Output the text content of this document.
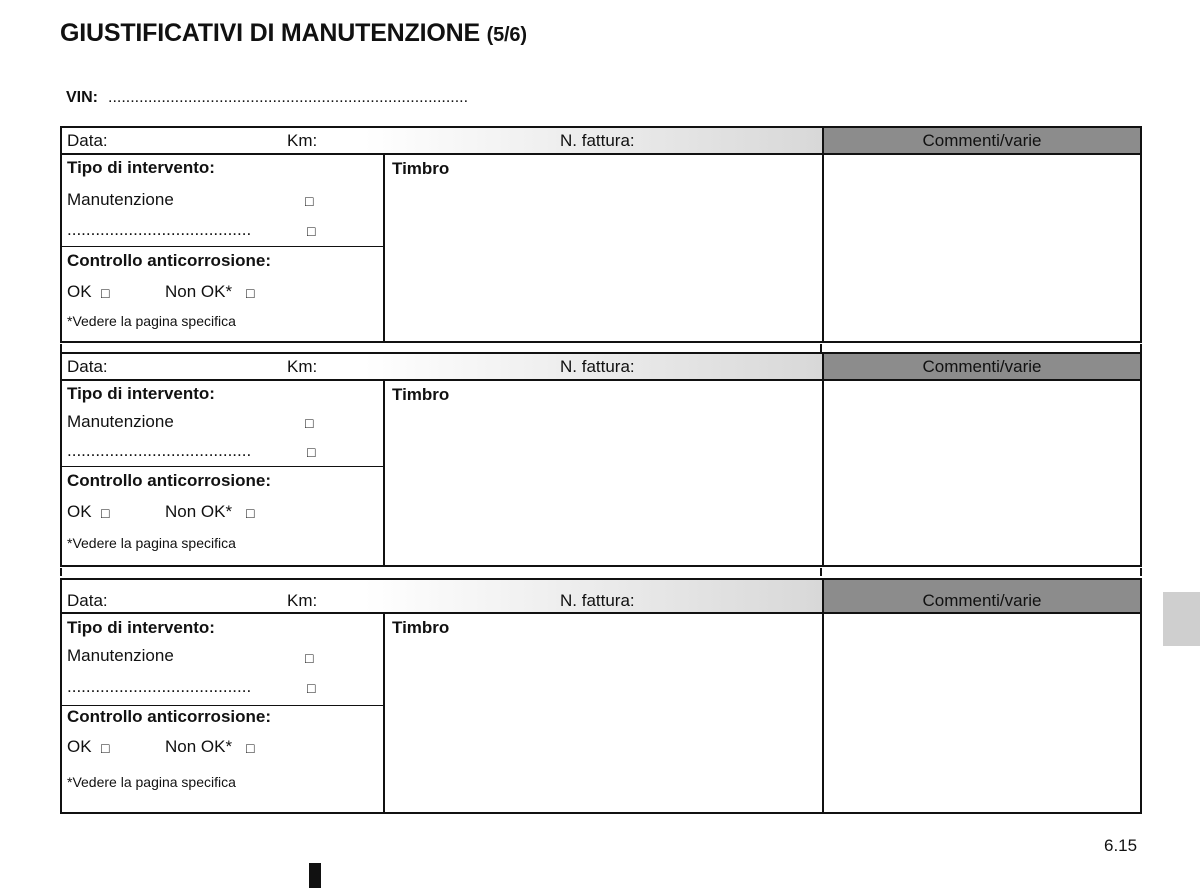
GIUSTIFICATIVI DI MANUTENZIONE (5/6)
VIN: .................................................................................
Data:	Km:	N. fattura:	Commenti/varie
Tipo di intervento:
Manutenzione	□
.......................................	□
Controllo anticorrosione:
OK □	Non OK* □
*Vedere la pagina specifica
Timbro
Data:	Km:	N. fattura:	Commenti/varie
Tipo di intervento:
Manutenzione	□
.......................................	□
Controllo anticorrosione:
OK □	Non OK* □
*Vedere la pagina specifica
Timbro
Data:	Km:	N. fattura:	Commenti/varie
Tipo di intervento:
Manutenzione	□
.......................................	□
Controllo anticorrosione:
OK □	Non OK* □
*Vedere la pagina specifica
Timbro
6.15
